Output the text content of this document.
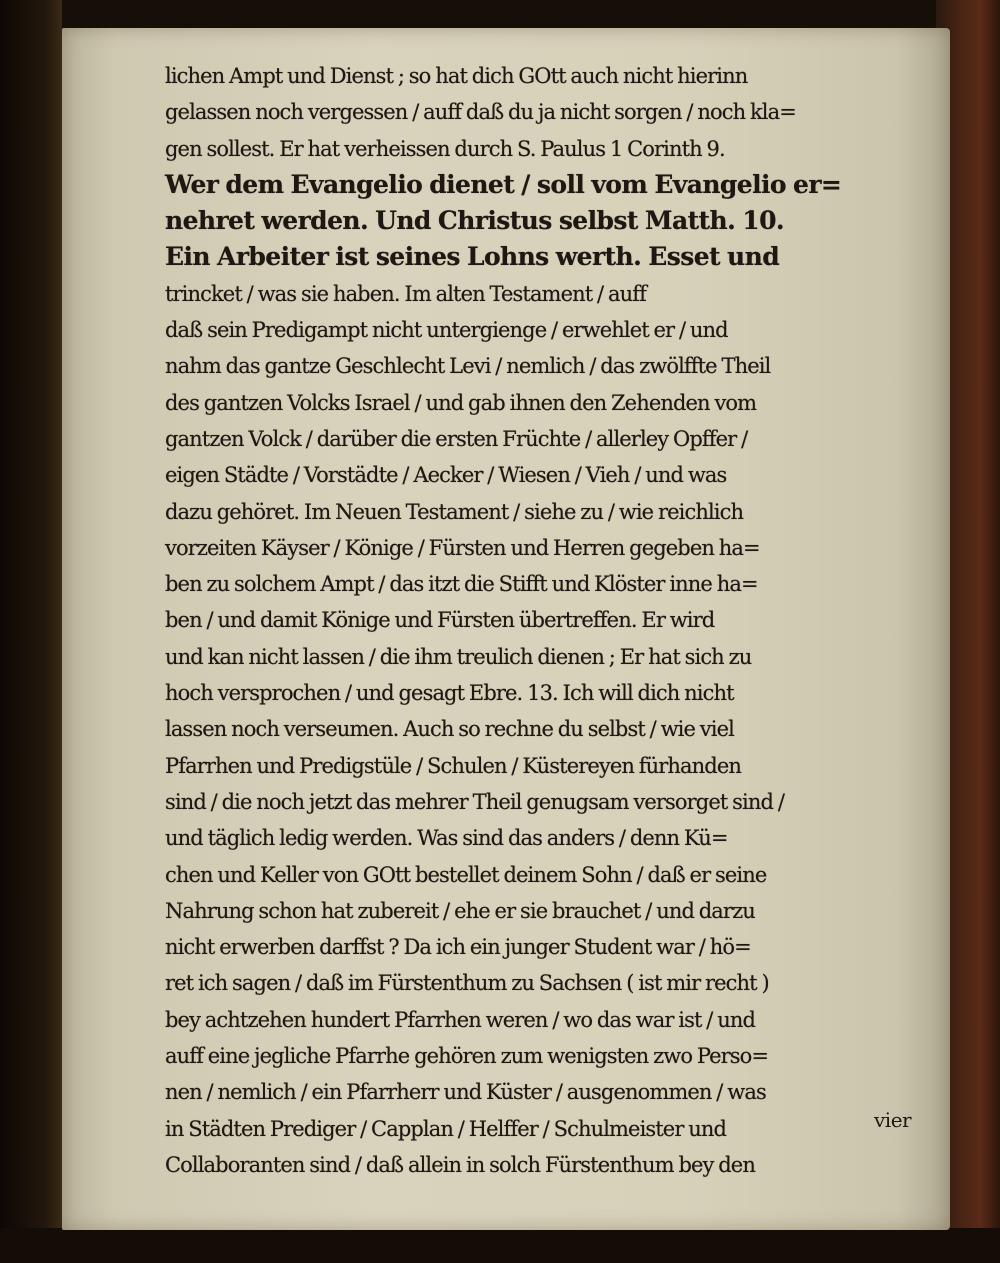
lichen Ampt und Dienst ; so hat dich GOtt auch nicht hierinn
gelassen noch vergessen / auff daß du ja nicht sorgen / noch kla=
gen sollest. Er hat verheissen durch S. Paulus 1 Corinth 9.
Wer dem Evangelio dienet / soll vom Evangelio er=
nehret werden. Und Christus selbst Matth. 10.
Ein Arbeiter ist seines Lohns werth. Esset und
trincket / was sie haben. Im alten Testament / auff
daß sein Predigampt nicht untergienge / erwehlet er / und
nahm das gantze Geschlecht Levi / nemlich / das zwölffte Theil
des gantzen Volcks Israel / und gab ihnen den Zehenden vom
gantzen Volck / darüber die ersten Früchte / allerley Opffer /
eigen Städte / Vorstädte / Aecker / Wiesen / Vieh / und was
dazu gehöret. Im Neuen Testament / siehe zu / wie reichlich
vorzeiten Käyser / Könige / Fürsten und Herren gegeben ha=
ben zu solchem Ampt / das itzt die Stifft und Klöster inne ha=
ben / und damit Könige und Fürsten übertreffen. Er wird
und kan nicht lassen / die ihm treulich dienen ; Er hat sich zu
hoch versprochen / und gesagt Ebre. 13. Ich will dich nicht
lassen noch verseumen. Auch so rechne du selbst / wie viel
Pfarrhen und Predigstüle / Schulen / Küstereyen fürhanden
sind / die noch jetzt das mehrer Theil genugsam versorget sind /
und täglich ledig werden. Was sind das anders / denn Kü=
chen und Keller von GOtt bestellet deinem Sohn / daß er seine
Nahrung schon hat zubereit / ehe er sie brauchet / und darzu
nicht erwerben darffst ? Da ich ein junger Student war / hö=
ret ich sagen / daß im Fürstenthum zu Sachsen ( ist mir recht )
bey achtzehen hundert Pfarrhen weren / wo das war ist / und
auff eine jegliche Pfarrhe gehören zum wenigsten zwo Perso=
nen / nemlich / ein Pfarrherr und Küster / ausgenommen / was
in Städten Prediger / Capplan / Helffer / Schulmeister und
Collaboranten sind / daß allein in solch Fürstenthum bey den
vier
